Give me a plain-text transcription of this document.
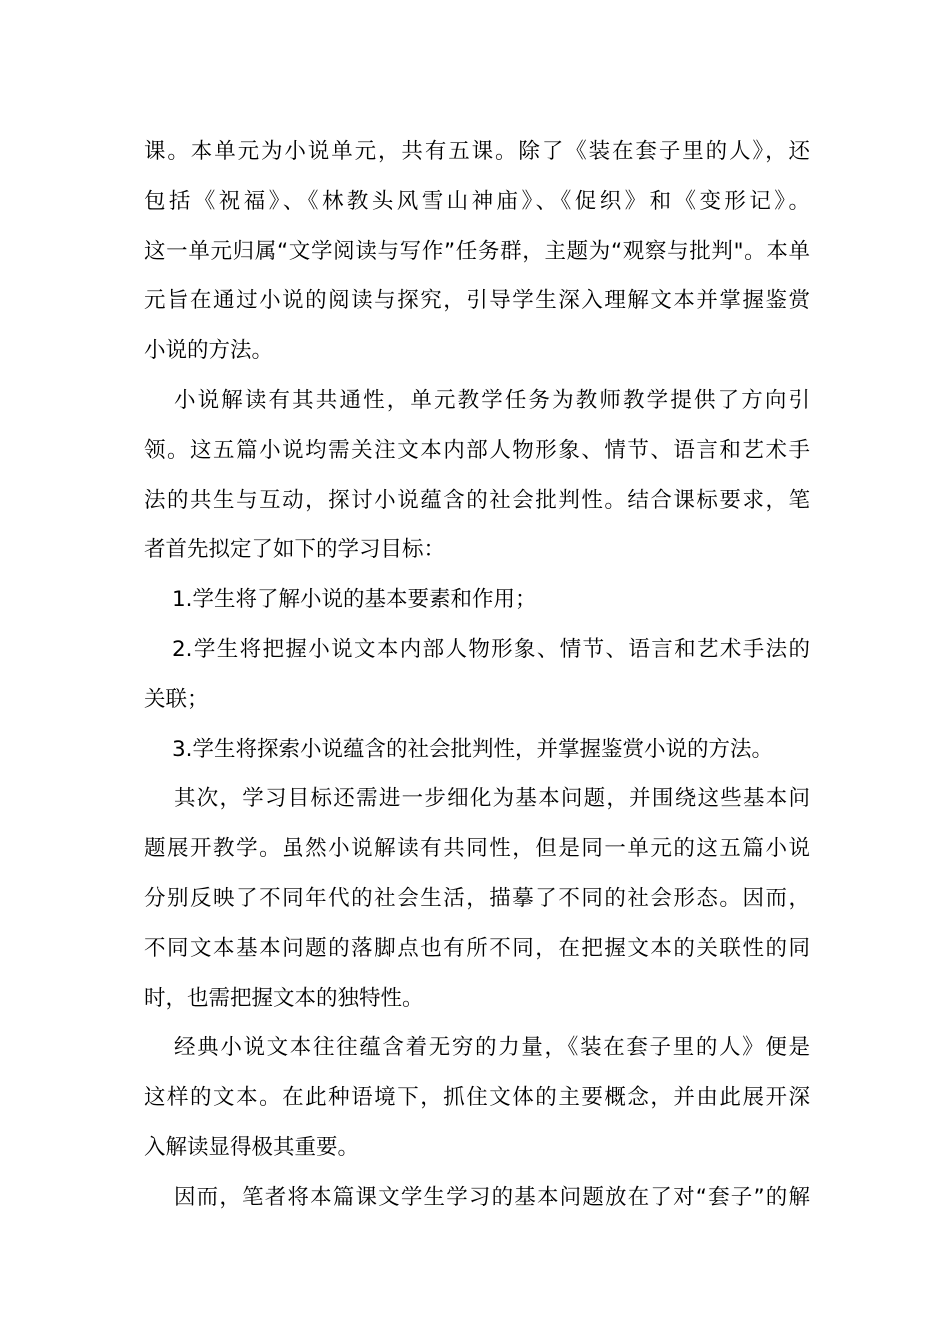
课。本单元为小说单元，共有五课。除了《装在套子里的人》，还
包括《祝福》、《林教头风雪山神庙》、《促织》和《变形记》。
这一单元归属“文学阅读与写作”任务群，主题为“观察与批判"。本单
元旨在通过小说的阅读与探究，引导学生深入理解文本并掌握鉴赏
小说的方法。
小说解读有其共通性，单元教学任务为教师教学提供了方向引
领。这五篇小说均需关注文本内部人物形象、情节、语言和艺术手
法的共生与互动，探讨小说蕴含的社会批判性。结合课标要求，笔
者首先拟定了如下的学习目标：
1.学生将了解小说的基本要素和作用；
2.学生将把握小说文本内部人物形象、情节、语言和艺术手法的
关联；
3.学生将探索小说蕴含的社会批判性，并掌握鉴赏小说的方法。
其次，学习目标还需进一步细化为基本问题，并围绕这些基本问
题展开教学。虽然小说解读有共同性，但是同一单元的这五篇小说
分别反映了不同年代的社会生活，描摹了不同的社会形态。因而，
不同文本基本问题的落脚点也有所不同，在把握文本的关联性的同
时，也需把握文本的独特性。
经典小说文本往往蕴含着无穷的力量，《装在套子里的人》便是
这样的文本。在此种语境下，抓住文体的主要概念，并由此展开深
入解读显得极其重要。
因而，笔者将本篇课文学生学习的基本问题放在了对“套子”的解
